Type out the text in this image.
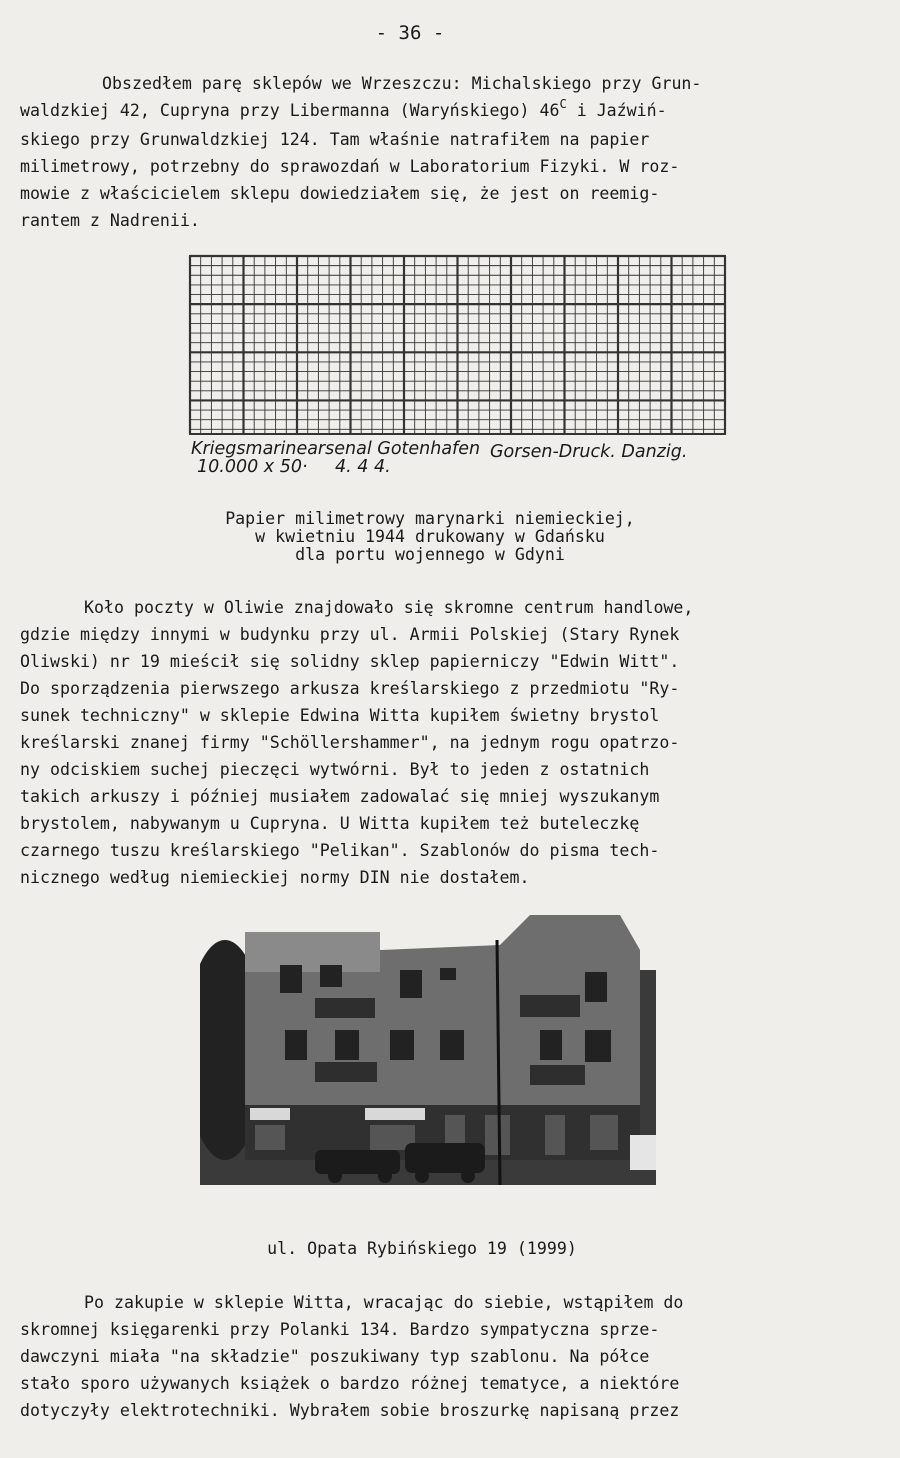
- 36 -

Obszedłem parę sklepów we Wrzeszczu: Michalskiego przy Grun-
waldzkiej 42, Cupryna przy Libermanna (Waryńskiego) $46^C$ i Jaźwiń-
skiego przy Grunwaldzkiej 124. Tam właśnie natrafiłem na papier
milimetrowy, potrzebny do sprawozdań w Laboratorium Fizyki. W roz-
mowie z właścicielem sklepu dowiedziałem się, że jest on reemig-
rantem z Nadrenii.

Kriegsmarinearsenal Gotenhafen
10.000 x 50· 4. 4 4.
Gorsen-Druck. Danzig.
Papier milimetrowy marynarki niemieckiej,
w kwietniu 1944 drukowany w Gdańsku
dla portu wojennego w Gdyni

Koło poczty w Oliwie znajdowało się skromne centrum handlowe,
gdzie między innymi w budynku przy ul. Armii Polskiej (Stary Rynek
Oliwski) nr 19 mieścił się solidny sklep papierniczy "Edwin Witt".
Do sporządzenia pierwszego arkusza kreślarskiego z przedmiotu "Ry-
sunek techniczny" w sklepie Edwina Witta kupiłem świetny brystol
kreślarski znanej firmy "Schöllershammer", na jednym rogu opatrzo-
ny odciskiem suchej pieczęci wytwórni. Był to jeden z ostatnich
takich arkuszy i później musiałem zadowalać się mniej wyszukanym
brystolem, nabywanym u Cupryna. U Witta kupiłem też buteleczkę
czarnego tuszu kreślarskiego "Pelikan". Szablonów do pisma tech-
nicznego według niemieckiej normy DIN nie dostałem.

ul. Opata Rybińskiego 19 (1999)

Po zakupie w sklepie Witta, wracając do siebie, wstąpiłem do
skromnej księgarenki przy Polanki 134. Bardzo sympatyczna sprze-
dawczyni miała "na składzie" poszukiwany typ szablonu. Na półce
stało sporo używanych książek o bardzo różnej tematyce, a niektóre
dotyczyły elektrotechniki. Wybrałem sobie broszurkę napisaną przez
